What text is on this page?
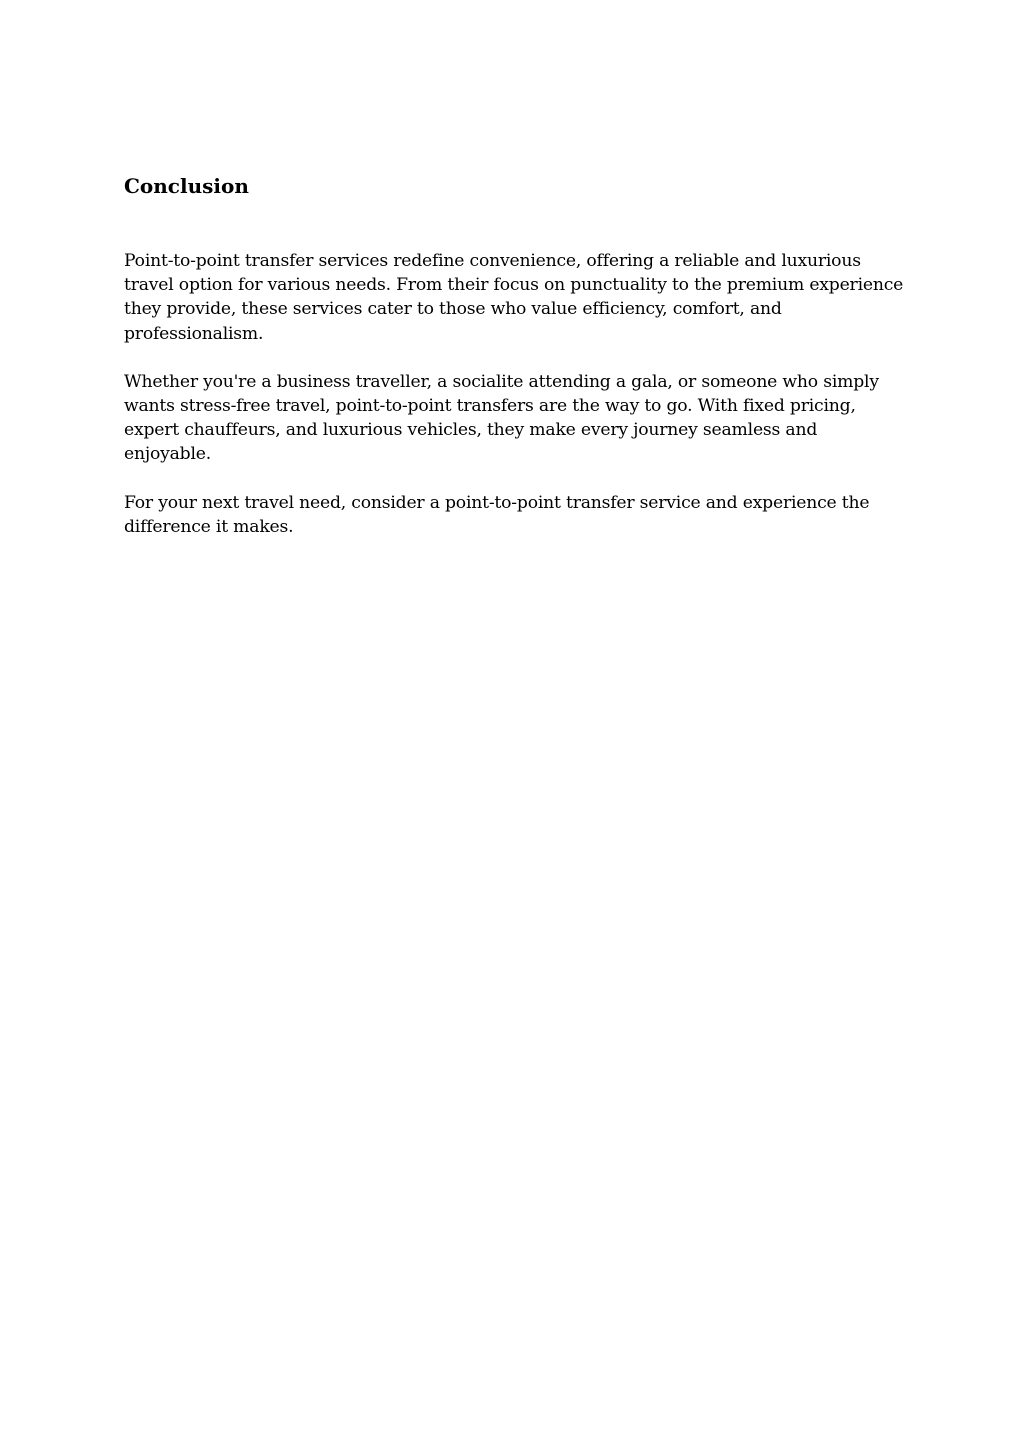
Conclusion

Point-to-point transfer services redefine convenience, offering a reliable and luxurious travel option for various needs. From their focus on punctuality to the premium experience they provide, these services cater to those who value efficiency, comfort, and professionalism.

Whether you're a business traveller, a socialite attending a gala, or someone who simply wants stress-free travel, point-to-point transfers are the way to go. With fixed pricing, expert chauffeurs, and luxurious vehicles, they make every journey seamless and enjoyable.

For your next travel need, consider a point-to-point transfer service and experience the difference it makes.
